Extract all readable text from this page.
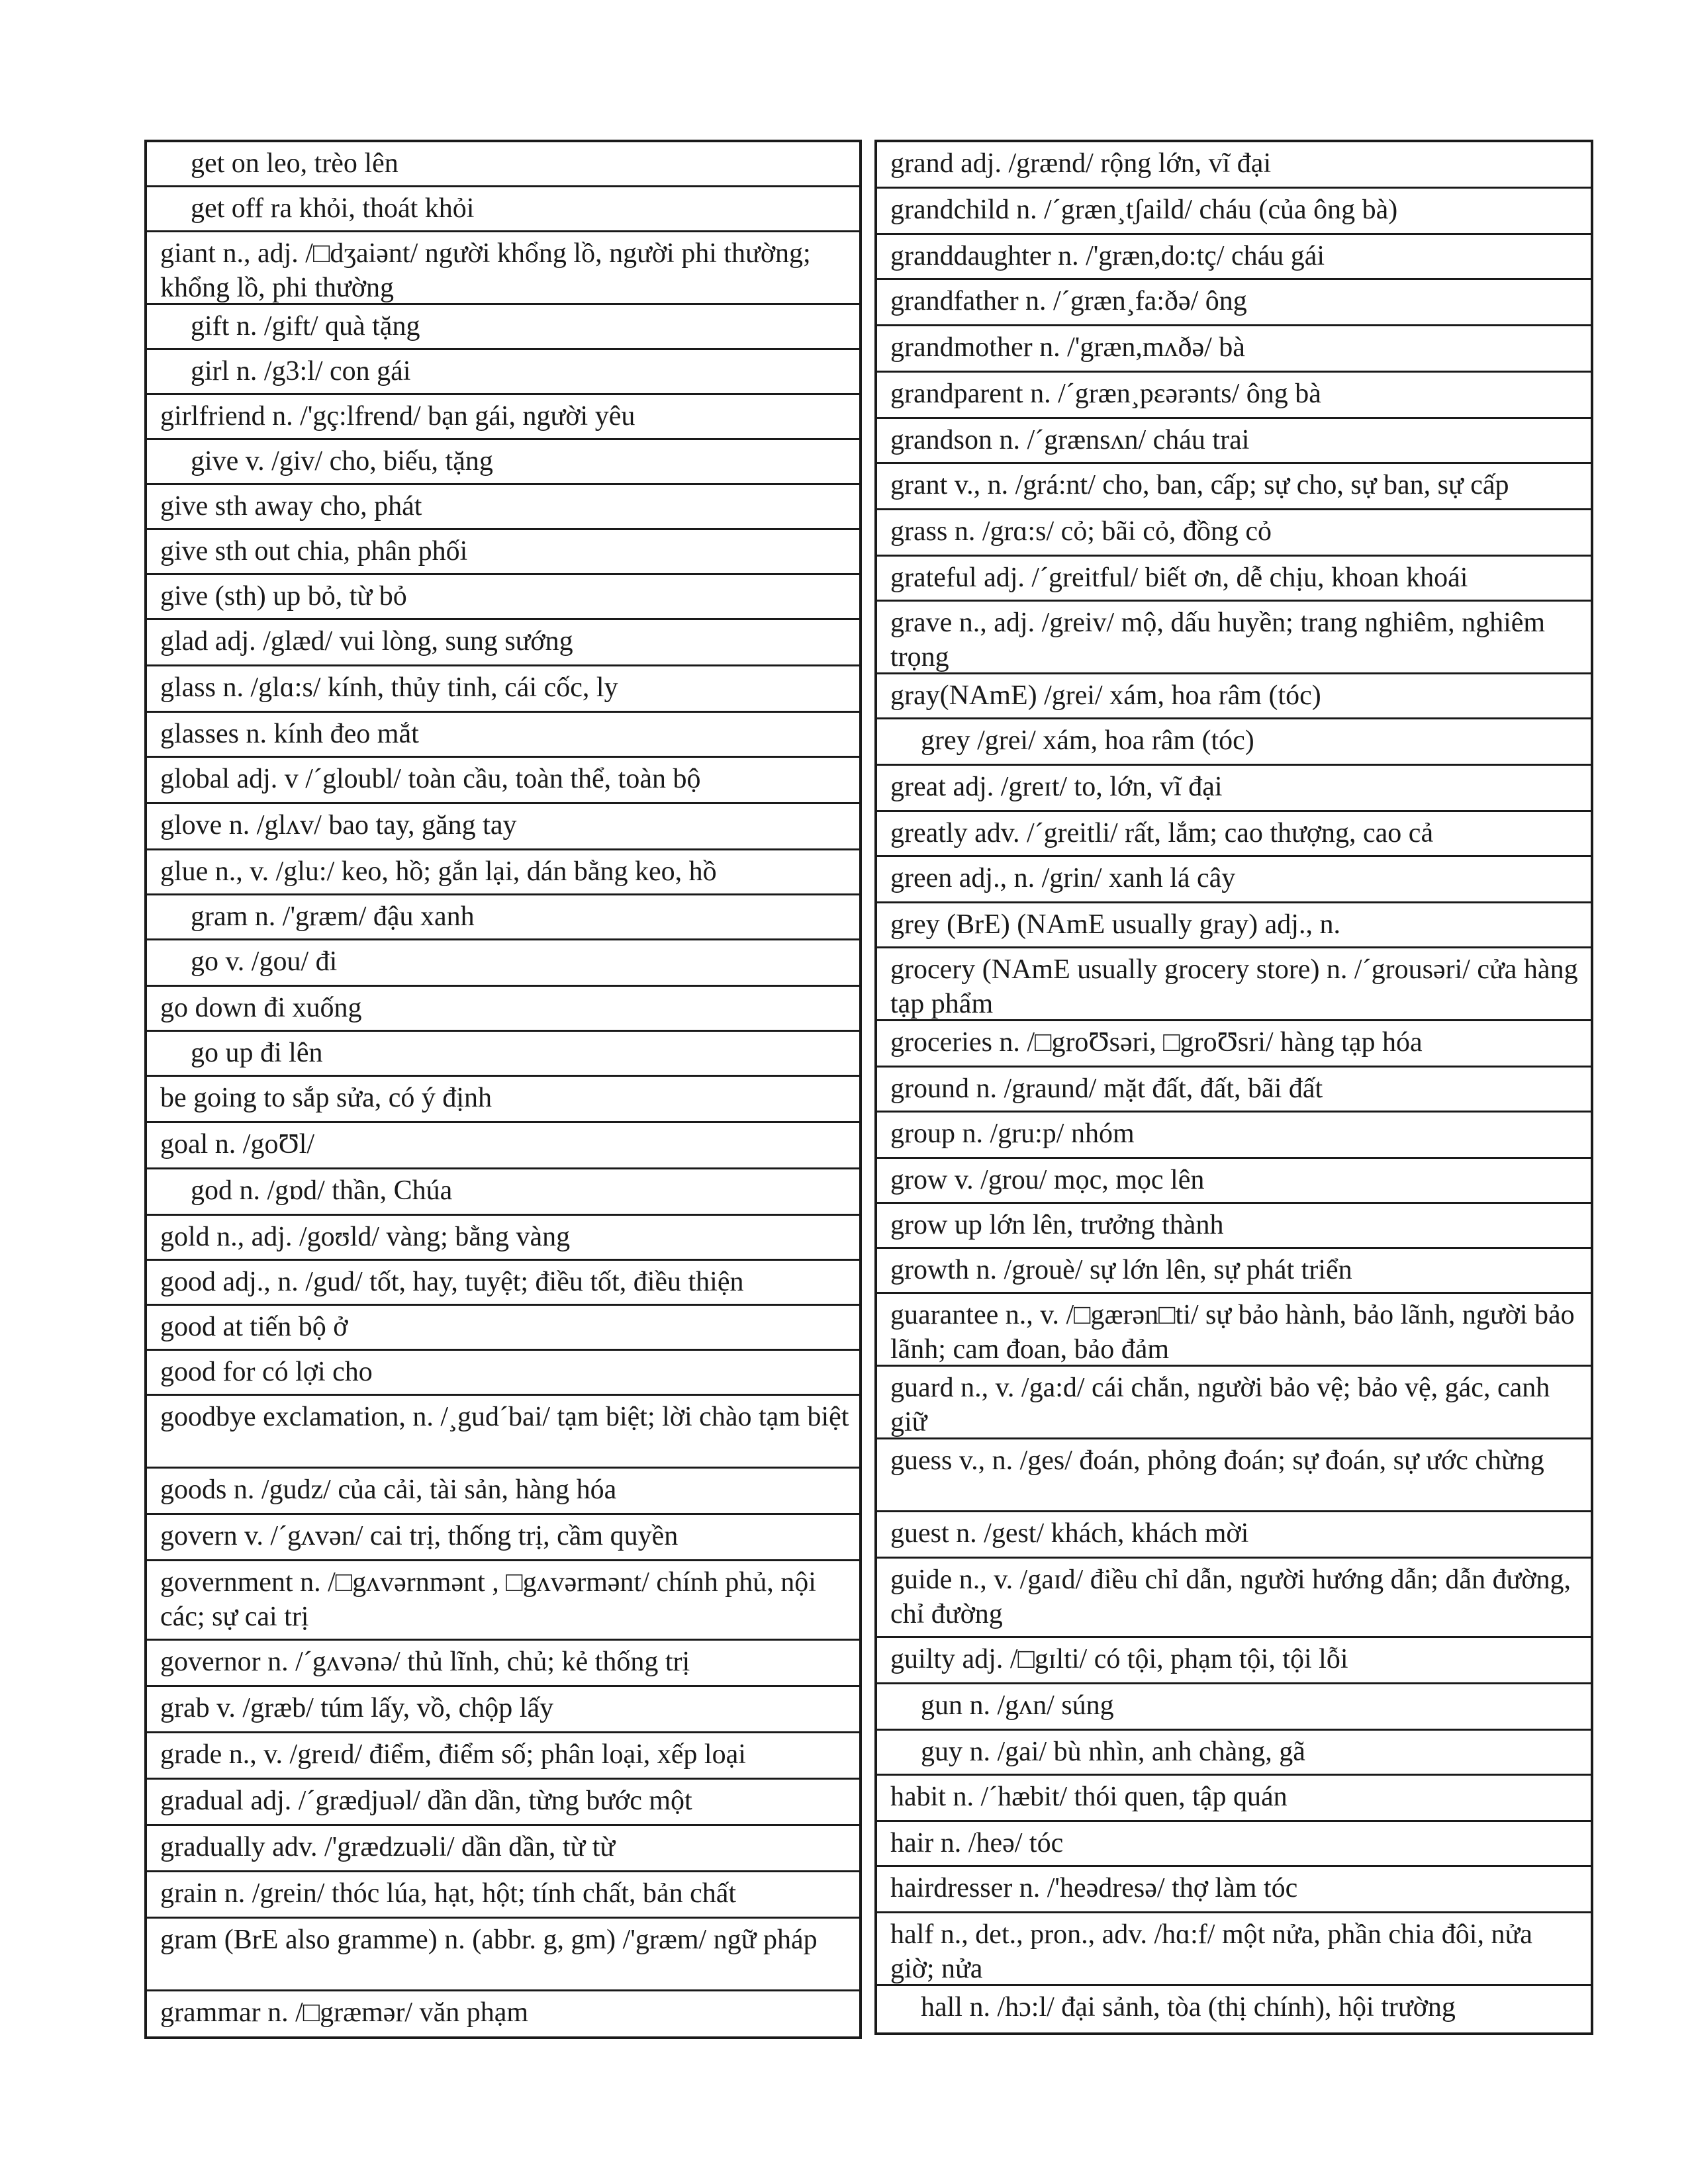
get on leo, trèo lên
get off ra khỏi, thoát khỏi
giant n., adj. /□dʒaiənt/ người khổng lồ, người phi thường; khổng lồ, phi thường
gift n. /gift/ quà tặng
girl n. /g3:l/ con gái
girlfriend n. /'gç:lfrend/ bạn gái, người yêu
give v. /giv/ cho, biếu, tặng
give sth away cho, phát
give sth out chia, phân phối
give (sth) up bỏ, từ bỏ
glad adj. /glæd/ vui lòng, sung sướng
glass n. /glɑ:s/ kính, thủy tinh, cái cốc, ly
glasses n. kính đeo mắt
global adj. v /´gloubl/ toàn cầu, toàn thể, toàn bộ
glove n. /glʌv/ bao tay, găng tay
glue n., v. /glu:/ keo, hồ; gắn lại, dán bằng keo, hồ
gram n. /'græm/ đậu xanh
go v. /gou/ đi
go down đi xuống
go up đi lên
be going to sắp sửa, có ý định
goal n. /goƱl/
god n. /gɒd/ thần, Chúa
gold n., adj. /goʊld/ vàng; bằng vàng
good adj., n. /gud/ tốt, hay, tuyệt; điều tốt, điều thiện
good at tiến bộ ở
good for có lợi cho
goodbye exclamation, n. /¸gud´bai/ tạm biệt; lời chào tạm biệt
goods n. /gudz/ của cải, tài sản, hàng hóa
govern v. /´gʌvən/ cai trị, thống trị, cầm quyền
government n. /□gʌvərnmənt , □gʌvərmənt/ chính phủ, nội các; sự cai trị
governor n. /´gʌvənə/ thủ lĩnh, chủ; kẻ thống trị
grab v. /græb/ túm lấy, vồ, chộp lấy
grade n., v. /greɪd/ điểm, điểm số; phân loại, xếp loại
gradual adj. /´grædjuəl/ dần dần, từng bước một
gradually adv. /'grædzuəli/ dần dần, từ từ
grain n. /grein/ thóc lúa, hạt, hột; tính chất, bản chất
gram (BrE also gramme) n. (abbr. g, gm) /'græm/ ngữ pháp
grammar n. /□græmər/ văn phạm
grand adj. /grænd/ rộng lớn, vĩ đại
grandchild n. /´græn¸tʃaild/ cháu (của ông bà)
granddaughter n. /'græn,do:tç/ cháu gái
grandfather n. /´græn¸fa:ðə/ ông
grandmother n. /'græn,mʌðə/ bà
grandparent n. /´græn¸pɛərənts/ ông bà
grandson n. /´grænsʌn/ cháu trai
grant v., n. /grá:nt/ cho, ban, cấp; sự cho, sự ban, sự cấp
grass n. /grɑ:s/ cỏ; bãi cỏ, đồng cỏ
grateful adj. /´greitful/ biết ơn, dễ chịu, khoan khoái
grave n., adj. /greiv/ mộ, dấu huyền; trang nghiêm, nghiêm trọng
gray(NAmE) /grei/ xám, hoa râm (tóc)
grey /grei/ xám, hoa râm (tóc)
great adj. /greɪt/ to, lớn, vĩ đại
greatly adv. /´greitli/ rất, lắm; cao thượng, cao cả
green adj., n. /grin/ xanh lá cây
grey (BrE) (NAmE usually gray) adj., n.
grocery (NAmE usually grocery store) n. /´grousəri/ cửa hàng tạp phẩm
groceries n. /□groƱsəri, □groƱsri/ hàng tạp hóa
ground n. /graund/ mặt đất, đất, bãi đất
group n. /gru:p/ nhóm
grow v. /grou/ mọc, mọc lên
grow up lớn lên, trưởng thành
growth n. /grouè/ sự lớn lên, sự phát triển
guarantee n., v. /□gærən□ti/ sự bảo hành, bảo lãnh, người bảo lãnh; cam đoan, bảo đảm
guard n., v. /ga:d/ cái chắn, người bảo vệ; bảo vệ, gác, canh giữ
guess v., n. /ges/ đoán, phỏng đoán; sự đoán, sự ước chừng
guest n. /gest/ khách, khách mời
guide n., v. /gaɪd/ điều chỉ dẫn, người hướng dẫn; dẫn đường, chỉ đường
guilty adj. /□gɪlti/ có tội, phạm tội, tội lỗi
gun n. /gʌn/ súng
guy n. /gai/ bù nhìn, anh chàng, gã
habit n. /´hæbit/ thói quen, tập quán
hair n. /heə/ tóc
hairdresser n. /'heədresə/ thợ làm tóc
half n., det., pron., adv. /hɑ:f/ một nửa, phần chia đôi, nửa giờ; nửa
hall n. /hɔ:l/ đại sảnh, tòa (thị chính), hội trường
